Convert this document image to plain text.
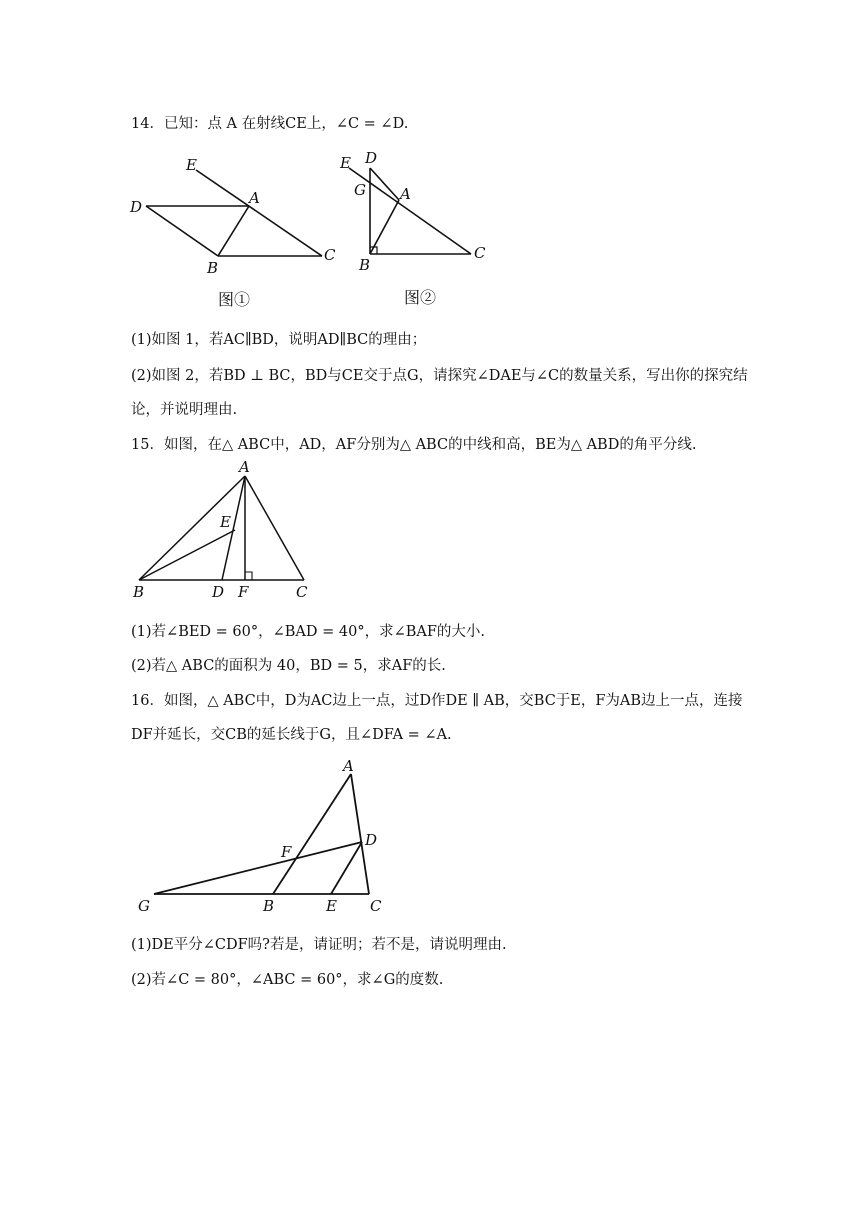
14．已知：点 A 在射线CE上，∠C = ∠D.
E
A
D
B
C
图①
E D
G A
B
C
图②
(1)如图 1，若AC∥BD，说明AD∥BC的理由；
(2)如图 2，若BD ⊥ BC，BD与CE交于点G，请探究∠DAE与∠C的数量关系，写出你的探究结
论，并说明理由.
15．如图，在△ ABC中，AD，AF分别为△ ABC的中线和高，BE为△ ABD的角平分线.
A
E
B	D F	C
(1)若∠BED = 60°，∠BAD = 40°，求∠BAF的大小.
(2)若△ ABC的面积为 40，BD = 5，求AF的长.
16．如图，△ ABC中，D为AC边上一点，过D作DE ∥ AB，交BC于E，F为AB边上一点，连接
DF并延长，交CB的延长线于G，且∠DFA = ∠A.
A
D
F
G	B	E C
(1)DE平分∠CDF吗?若是，请证明；若不是，请说明理由.
(2)若∠C = 80°，∠ABC = 60°，求∠G的度数.
